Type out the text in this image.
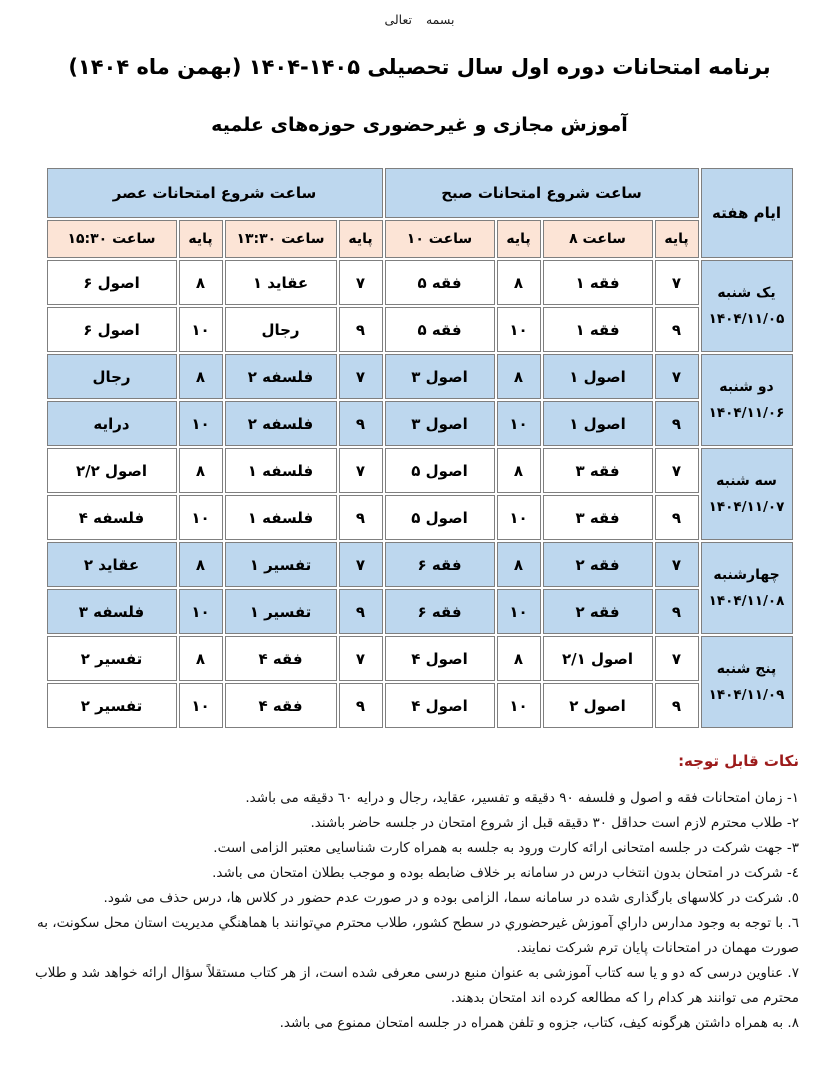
بسمه تعالی
برنامه امتحانات دوره اول سال تحصیلی ۱۴۰۵-۱۴۰۴ (بهمن ماه ۱۴۰۴)
آموزش مجازی و غیرحضوری حوزه‌های علمیه
ایام هفته	ساعت شروع امتحانات صبح				ساعت شروع امتحانات عصر			
	پایه	ساعت ۸	پایه	ساعت ۱۰	پایه	ساعت ۱۳:۳۰	پایه	ساعت ۱۵:۳۰

یک شنبه
۱۴۰۴/۱۱/۰۵	۷	فقه ۱	۸	فقه ۵	۷	عقاید ۱	۸	اصول ۶
	۹	فقه ۱	۱۰	فقه ۵	۹	رجال	۱۰	اصول ۶

دو شنبه
۱۴۰۴/۱۱/۰۶	۷	اصول ۱	۸	اصول ۳	۷	فلسفه ۲	۸	رجال
	۹	اصول ۱	۱۰	اصول ۳	۹	فلسفه ۲	۱۰	درایه

سه شنبه
۱۴۰۴/۱۱/۰۷	۷	فقه ۳	۸	اصول ۵	۷	فلسفه ۱	۸	اصول ۲/۲
	۹	فقه ۳	۱۰	اصول ۵	۹	فلسفه ۱	۱۰	فلسفه ۴

چهارشنبه
۱۴۰۴/۱۱/۰۸	۷	فقه ۲	۸	فقه ۶	۷	تفسیر ۱	۸	عقاید ۲
	۹	فقه ۲	۱۰	فقه ۶	۹	تفسیر ۱	۱۰	فلسفه ۳

پنج شنبه
۱۴۰۴/۱۱/۰۹	۷	اصول ۲/۱	۸	اصول ۴	۷	فقه ۴	۸	تفسیر ۲
	۹	اصول ۲	۱۰	اصول ۴	۹	فقه ۴	۱۰	تفسیر ۲
نکات قابل توجه:

۱- زمان امتحانات فقه و اصول و فلسفه ٩٠ دقیقه و تفسیر، عقاید، رجال و درایه ٦٠ دقیقه می باشد.

۲- طلاب محترم لازم است حداقل ٣٠ دقیقه قبل از شروع امتحان در جلسه حاضر باشند.

۳- جهت شرکت در جلسه امتحانی ارائه کارت ورود به جلسه به همراه کارت شناسایی معتبر الزامی است.

٤- شرکت در امتحان بدون انتخاب درس در سامانه بر خلاف ضابطه بوده و موجب بطلان امتحان می باشد.

٥. شرکت در کلاسهای بارگذاری شده در سامانه سما، الزامی بوده و در صورت عدم حضور در کلاس ها، درس حذف می شود.

٦. با توجه به وجود مدارس داراي آموزش غیرحضوري در سطح کشور، طلاب محترم مي‌توانند با هماهنگي مدیریت استان محل سکونت، به صورت مهمان در امتحانات پایان ترم شرکت نمایند.

٧. عناوین درسی که دو و یا سه کتاب آموزشی به عنوان منبع درسی معرفی شده است، از هر کتاب مستقلاً سؤال ارائه خواهد شد و طلاب محترم می توانند هر کدام را که مطالعه کرده اند امتحان بدهند.

٨. به همراه داشتن هرگونه کیف، کتاب، جزوه و تلفن همراه در جلسه امتحان ممنوع می باشد.
